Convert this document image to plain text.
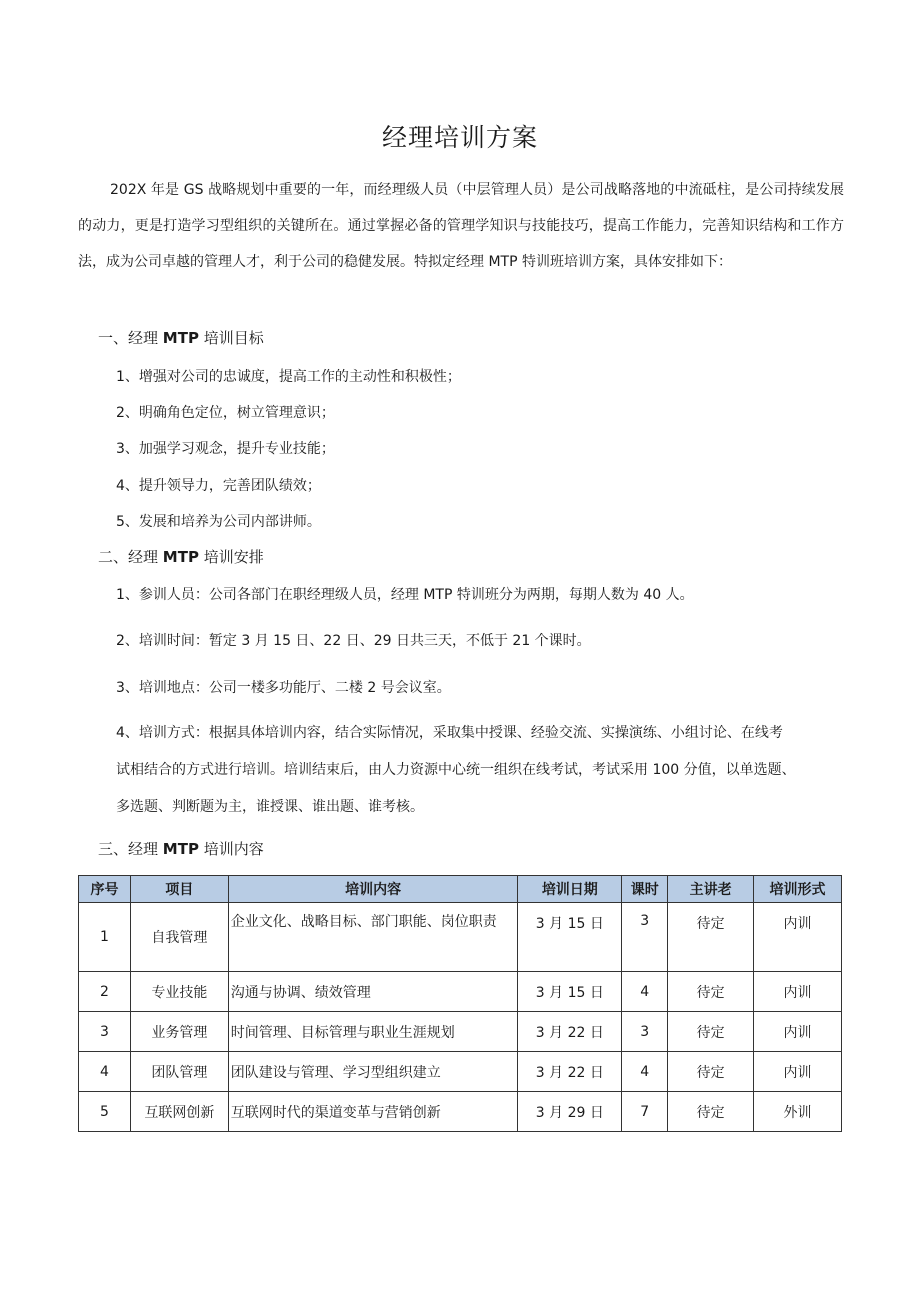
经理培训方案

202X 年是 GS 战略规划中重要的一年，而经理级人员（中层管理人员）是公司战略落地的中流砥柱，是公司持续发展的动力，更是打造学习型组织的关键所在。通过掌握必备的管理学知识与技能技巧，提高工作能力，完善知识结构和工作方法，成为公司卓越的管理人才，利于公司的稳健发展。特拟定经理 MTP 特训班培训方案，具体安排如下：

一、经理 MTP 培训目标

1、增强对公司的忠诚度，提高工作的主动性和积极性；

2、明确角色定位，树立管理意识；

3、加强学习观念，提升专业技能；

4、提升领导力，完善团队绩效；

5、发展和培养为公司内部讲师。

二、经理 MTP 培训安排

1、参训人员：公司各部门在职经理级人员，经理 MTP 特训班分为两期，每期人数为 40 人。

2、培训时间：暂定 3 月 15 日、22 日、29 日共三天，不低于 21 个课时。

3、培训地点：公司一楼多功能厅、二楼 2 号会议室。

4、培训方式：根据具体培训内容，结合实际情况，采取集中授课、经验交流、实操演练、小组讨论、在线考

试相结合的方式进行培训。培训结束后，由人力资源中心统一组织在线考试，考试采用 100 分值，以单选题、

多选题、判断题为主，谁授课、谁出题、谁考核。

三、经理 MTP 培训内容
序号	项目	培训内容	培训日期	课时	主讲老	培训形式
1	自我管理	企业文化、战略目标、部门职能、岗位职责	3 月 15 日	3	待定	内训
2	专业技能	沟通与协调、绩效管理	3 月 15 日	4	待定	内训
3	业务管理	时间管理、目标管理与职业生涯规划	3 月 22 日	3	待定	内训
4	团队管理	团队建设与管理、学习型组织建立	3 月 22 日	4	待定	内训
5	互联网创新	互联网时代的渠道变革与营销创新	3 月 29 日	7	待定	外训
